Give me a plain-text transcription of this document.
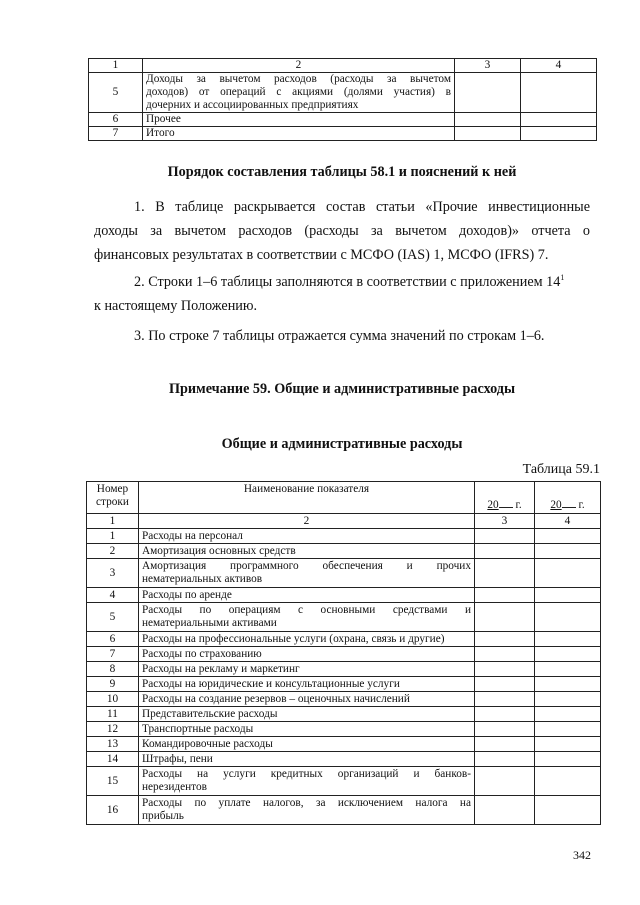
1	2	3	4
5	Доходы за вычетом расходов (расходы за вычетом
доходов) от операций с акциями (долями участия) в
дочерних и ассоциированных предприятиях		

6	Прочее		

7	Итого		

Порядок составления таблицы 58.1 и пояснений к ней
1. В таблице раскрывается состав статьи «Прочие инвестиционные
доходы за вычетом расходов (расходы за вычетом доходов)» отчета о
финансовых результатах в соответствии с МСФО (IAS) 1, МСФО (IFRS) 7.
2. Строки 1–6 таблицы заполняются в соответствии с приложением $14^1$
к настоящему Положению.
3. По строке 7 таблицы отражается сумма значений по строкам 1–6.
Примечание 59. Общие и административные расходы
Общие и административные расходы
Таблица 59.1
Номер
строки	Наименование показателя	20 г.	20 г.
1	2	3	4
1	Расходы на персонал		

2	Амортизация основных средств		

3	Амортизация программного обеспечения и прочих
нематериальных активов		

4	Расходы по аренде		

5	Расходы по операциям с основными средствами и
нематериальными активами		

6	Расходы на профессиональные услуги (охрана, связь и другие)		

7	Расходы по страхованию		

8	Расходы на рекламу и маркетинг		

9	Расходы на юридические и консультационные услуги		

10	Расходы на создание резервов – оценочных начислений		

11	Представительские расходы		

12	Транспортные расходы		

13	Командировочные расходы		

14	Штрафы, пени		

15	Расходы на услуги кредитных организаций и банков-
нерезидентов		

16	Расходы по уплате налогов, за исключением налога на
прибыль		

342
